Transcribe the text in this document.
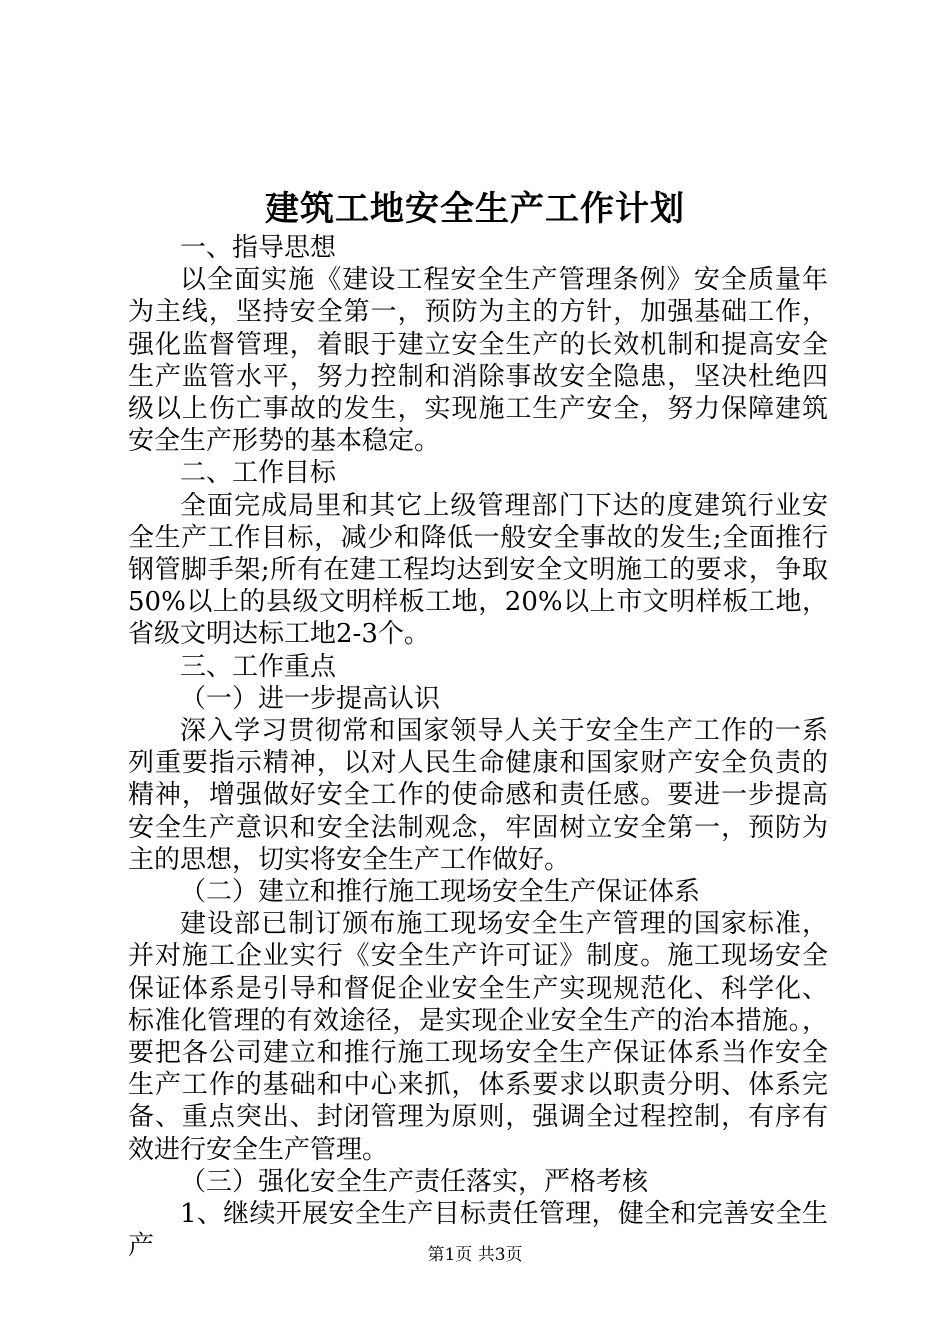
建筑工地安全生产工作计划

一、指导思想

以全面实施《建设工程安全生产管理条例》安全质量年为主线，坚持安全第一，预防为主的方针，加强基础工作，强化监督管理，着眼于建立安全生产的长效机制和提高安全生产监管水平，努力控制和消除事故安全隐患，坚决杜绝四级以上伤亡事故的发生，实现施工生产安全，努力保障建筑安全生产形势的基本稳定。

二、工作目标

全面完成局里和其它上级管理部门下达的度建筑行业安全生产工作目标，减少和降低一般安全事故的发生;全面推行钢管脚手架;所有在建工程均达到安全文明施工的要求，争取50%以上的县级文明样板工地，20%以上市文明样板工地，省级文明达标工地2-3个。

三、工作重点

（一）进一步提高认识

深入学习贯彻常和国家领导人关于安全生产工作的一系列重要指示精神，以对人民生命健康和国家财产安全负责的精神，增强做好安全工作的使命感和责任感。要进一步提高安全生产意识和安全法制观念，牢固树立安全第一，预防为主的思想，切实将安全生产工作做好。

（二）建立和推行施工现场安全生产保证体系

建设部已制订颁布施工现场安全生产管理的国家标准，并对施工企业实行《安全生产许可证》制度。施工现场安全保证体系是引导和督促企业安全生产实现规范化、科学化、标准化管理的有效途径，是实现企业安全生产的治本措施。，要把各公司建立和推行施工现场安全生产保证体系当作安全生产工作的基础和中心来抓，体系要求以职责分明、体系完备、重点突出、封闭管理为原则，强调全过程控制，有序有效进行安全生产管理。

（三）强化安全生产责任落实，严格考核

1、继续开展安全生产目标责任管理，健全和完善安全生产	第1页 共3页
